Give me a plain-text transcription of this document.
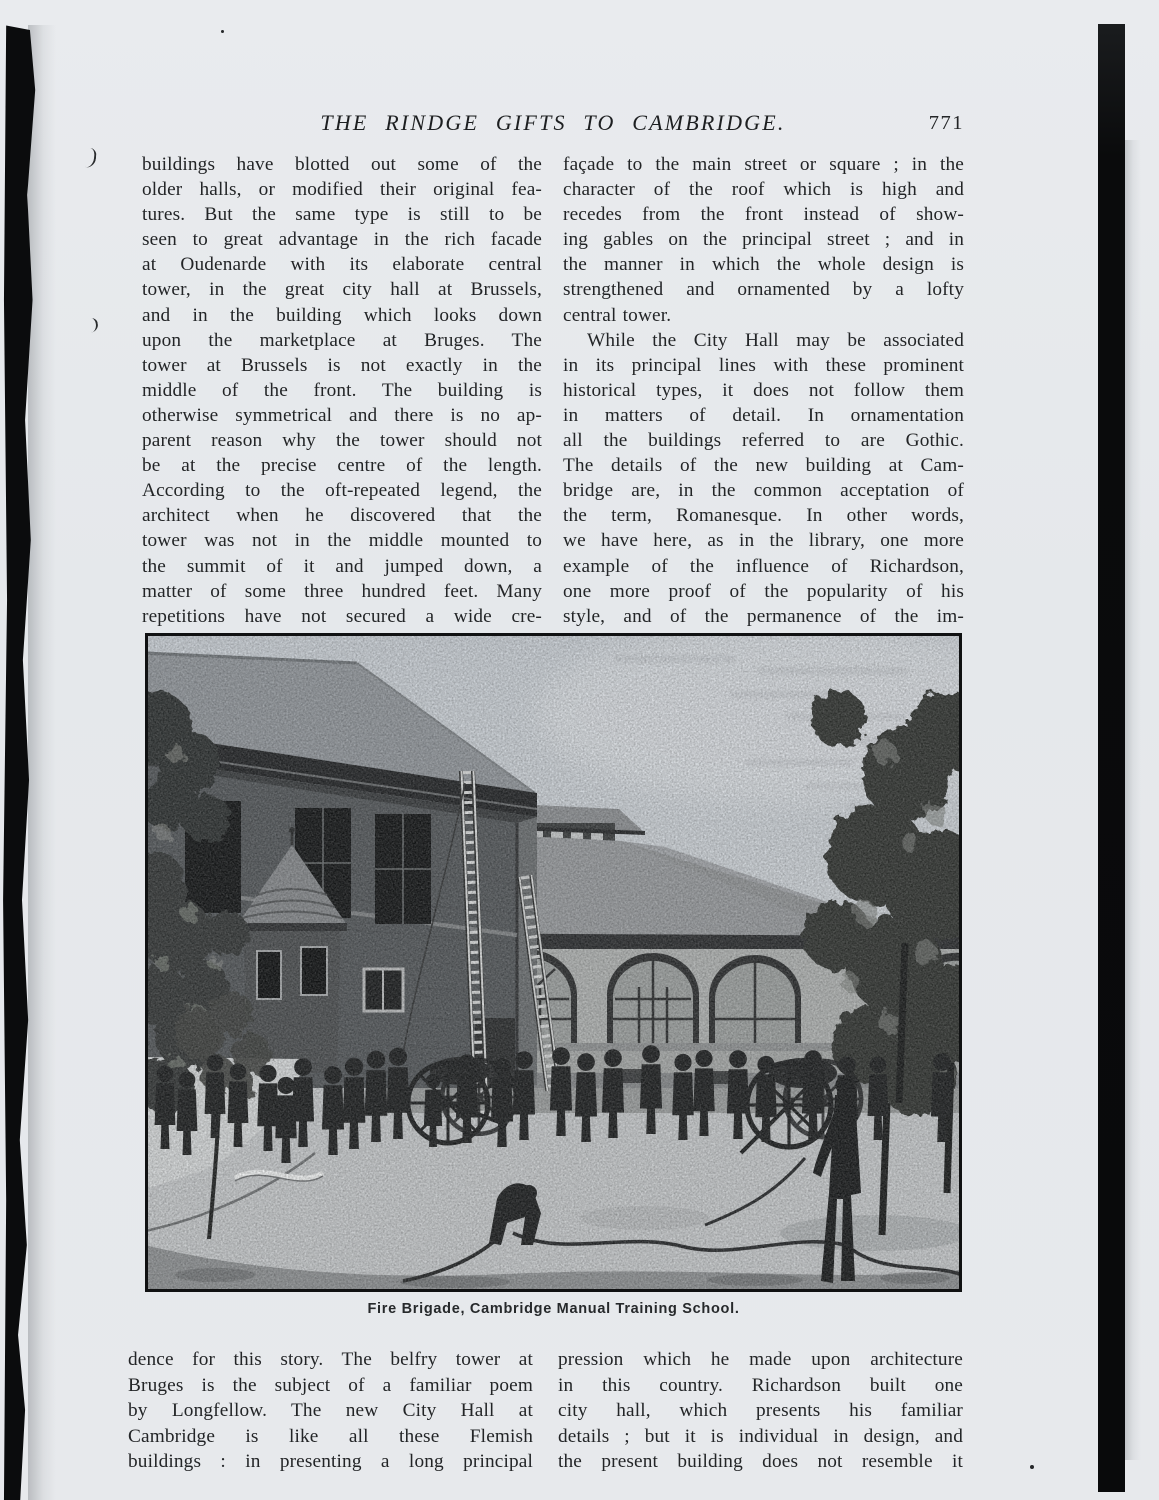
THE RINDGE GIFTS TO CAMBRIDGE.	771
buildings have blotted out some of the
older halls, or modified their original fea-
tures. But the same type is still to be
seen to great advantage in the rich facade
at Oudenarde with its elaborate central
tower, in the great city hall at Brussels,
and in the building which looks down
upon the marketplace at Bruges. The
tower at Brussels is not exactly in the
middle of the front. The building is
otherwise symmetrical and there is no ap-
parent reason why the tower should not
be at the precise centre of the length.
According to the oft-repeated legend, the
architect when he discovered that the
tower was not in the middle mounted to
the summit of it and jumped down, a
matter of some three hundred feet. Many
repetitions have not secured a wide cre-
façade to the main street or square ; in the
character of the roof which is high and
recedes from the front instead of show-
ing gables on the principal street ; and in
the manner in which the whole design is
strengthened and ornamented by a lofty
central tower.
While the City Hall may be associated
in its principal lines with these prominent
historical types, it does not follow them
in matters of detail. In ornamentation
all the buildings referred to are Gothic.
The details of the new building at Cam-
bridge are, in the common acceptation of
the term, Romanesque. In other words,
we have here, as in the library, one more
example of the influence of Richardson,
one more proof of the popularity of his
style, and of the permanence of the im-
Fire Brigade, Cambridge Manual Training School.
dence for this story. The belfry tower at
Bruges is the subject of a familiar poem
by Longfellow. The new City Hall at
Cambridge is like all these Flemish
buildings : in presenting a long principal
pression which he made upon architecture
in this country. Richardson built one
city hall, which presents his familiar
details ; but it is individual in design, and
the present building does not resemble it
